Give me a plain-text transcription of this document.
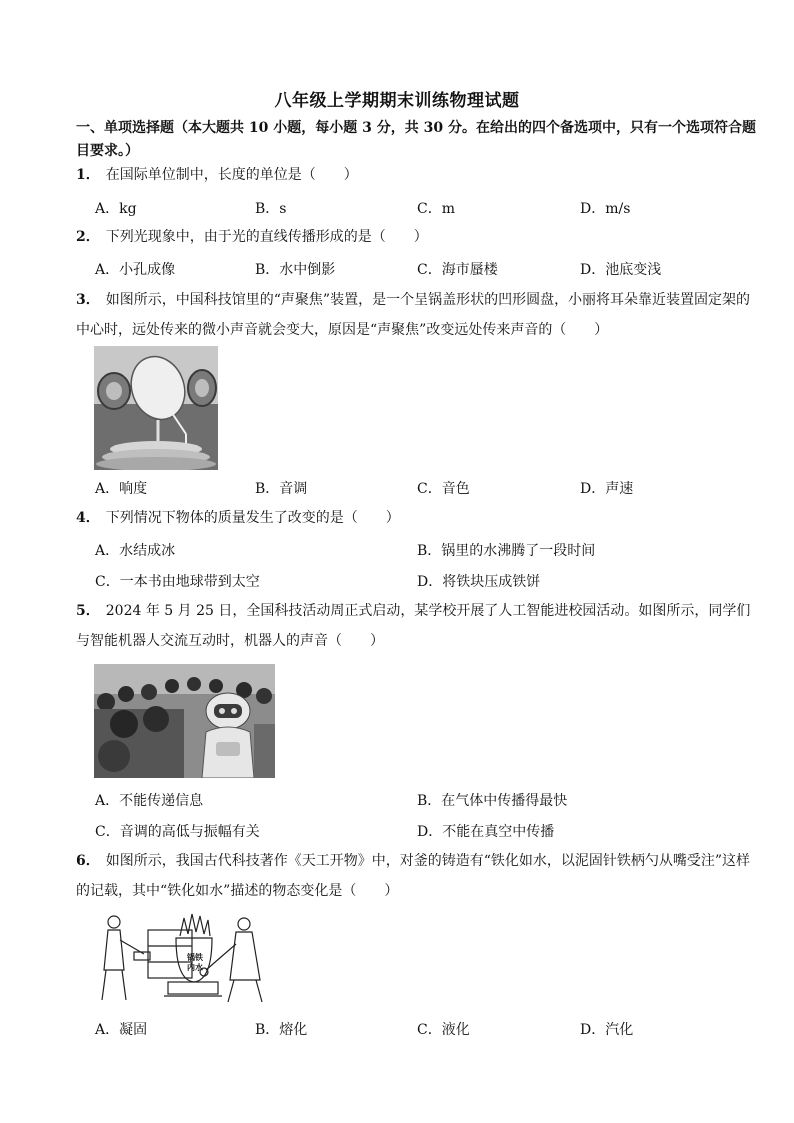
八年级上学期期末训练物理试题
一、单项选择题（本大题共 10 小题，每小题 3 分，共 30 分。在给出的四个备选项中，只有一个选项符合题目要求。）
1． 在国际单位制中，长度的单位是（　　）
A．kg	B．s	C．m	D．m/s
2． 下列光现象中，由于光的直线传播形成的是（　　）
A．小孔成像	B．水中倒影	C．海市蜃楼	D．池底变浅
3． 如图所示，中国科技馆里的“声聚焦”装置，是一个呈锅盖形状的凹形圆盘，小丽将耳朵靠近装置固定架的中心时，远处传来的微小声音就会变大，原因是“声聚焦”改变远处传来声音的（　　）
A．响度	B．音调	C．音色	D．声速
4． 下列情况下物体的质量发生了改变的是（　　）
A．水结成冰	B．锅里的水沸腾了一段时间
C．一本书由地球带到太空	D．将铁块压成铁饼
5． 2024 年 5 月 25 日，全国科技活动周正式启动，某学校开展了人工智能进校园活动。如图所示，同学们与智能机器人交流互动时，机器人的声音（　　）
A．不能传递信息	B．在气体中传播得最快
C．音调的高低与振幅有关	D．不能在真空中传播
6． 如图所示，我国古代科技著作《天工开物》中，对釜的铸造有“铁化如水，以泥固针铁柄勺从嘴受注”这样的记载，其中“铁化如水”描述的物态变化是（　　）
锅铁
内水
A．凝固	B．熔化	C．液化	D．汽化
